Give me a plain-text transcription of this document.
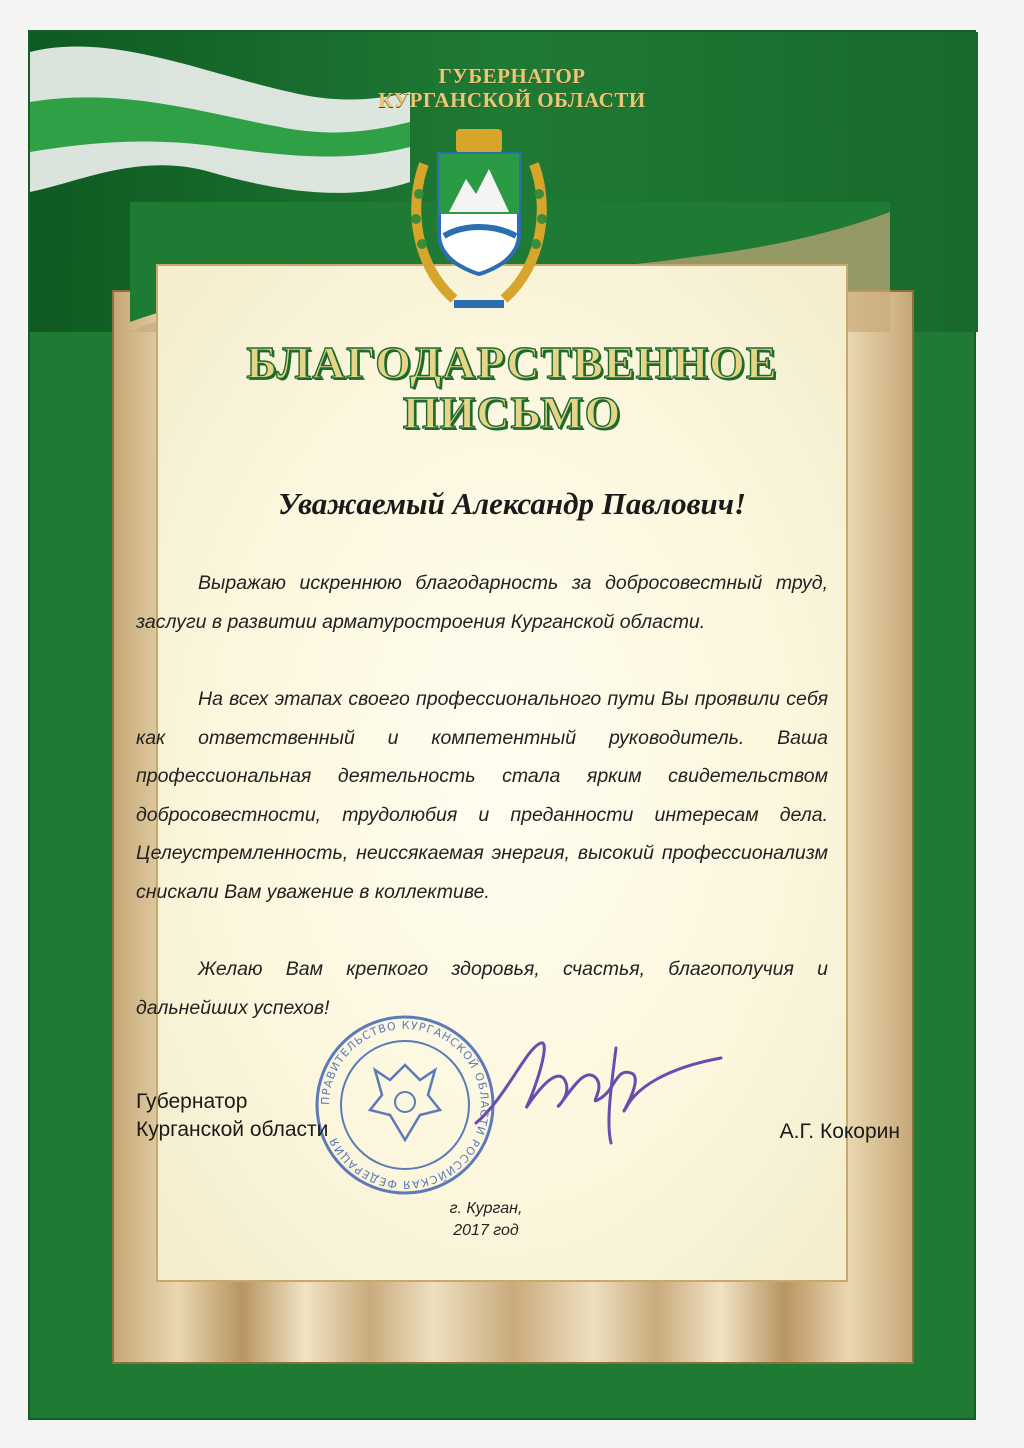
ГУБЕРНАТОР
КУРГАНСКОЙ ОБЛАСТИ
БЛАГОДАРСТВЕННОЕ
ПИСЬМО
Уважаемый Александр Павлович!

Выражаю искреннюю благодарность за добросовестный труд, заслуги в развитии арматуростроения Курганской области.

На всех этапах своего профессионального пути Вы проявили себя как ответственный и компетентный руководитель. Ваша профессиональная деятельность стала ярким свидетельством добросовестности, трудолюбия и преданности интересам дела. Целеустремленность, неиссякаемая энергия, высокий профессионализм снискали Вам уважение в коллективе.

Желаю Вам крепкого здоровья, счастья, благополучия и дальнейших успехов!

ПРАВИТЕЛЬСТВО КУРГАНСКОЙ ОБЛАСТИ РОССИЙСКАЯ ФЕДЕРАЦИЯ
Губернатор
Курганской области	А.Г. Кокорин
г. Курган,
2017 год
